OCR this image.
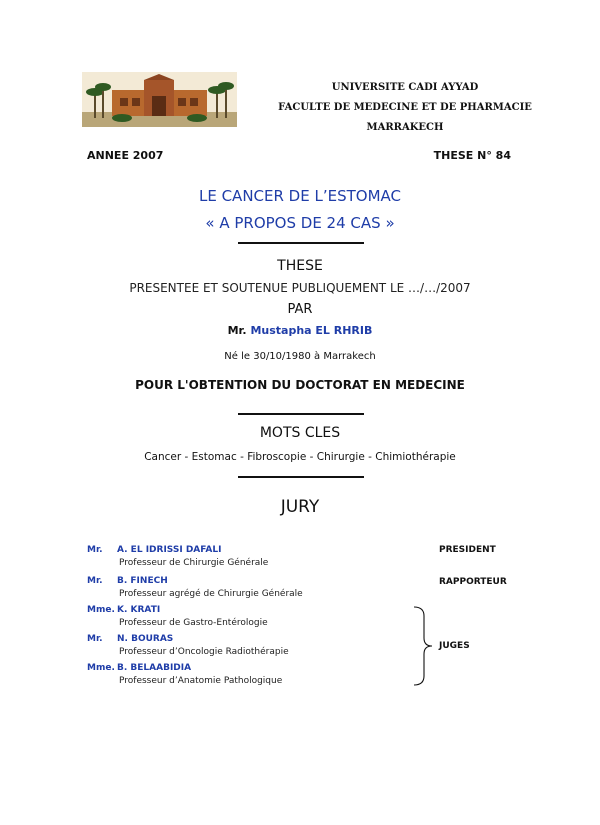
UNIVERSITE CADI AYYAD
FACULTE DE MEDECINE ET DE PHARMACIE
MARRAKECH
ANNEE 2007	THESE N° 84
LE CANCER DE L’ESTOMAC
« A PROPOS DE 24 CAS »
THESE
PRESENTEE ET SOUTENUE PUBLIQUEMENT LE …/…/2007
PAR
Mr. Mustapha EL RHRIB
Né le 30/10/1980 à Marrakech
POUR L'OBTENTION DU DOCTORAT EN MEDECINE
MOTS CLES
Cancer - Estomac - Fibroscopie - Chirurgie - Chimiothérapie
JURY
Mr. A. EL IDRISSI DAFALI
Professeur de Chirurgie Générale
Mr. B. FINECH
Professeur agrégé de Chirurgie Générale
Mme. K. KRATI
Professeur de Gastro-Entérologie
Mr. N. BOURAS
Professeur d’Oncologie Radiothérapie
Mme. B. BELAABIDIA
Professeur d’Anatomie Pathologique
PRESIDENT
RAPPORTEUR
JUGES
